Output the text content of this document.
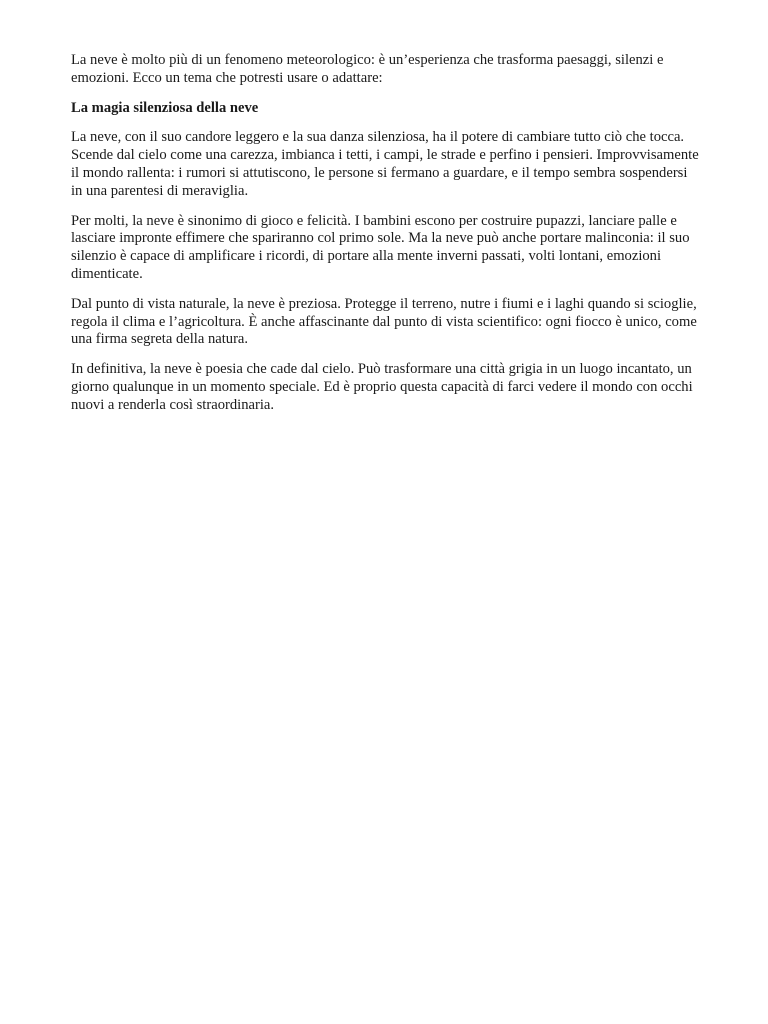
La neve è molto più di un fenomeno meteorologico: è un’esperienza che trasforma paesaggi, silenzi e emozioni. Ecco un tema che potresti usare o adattare:

La magia silenziosa della neve

La neve, con il suo candore leggero e la sua danza silenziosa, ha il potere di cambiare tutto ciò che tocca. Scende dal cielo come una carezza, imbianca i tetti, i campi, le strade e perfino i pensieri. Improvvisamente il mondo rallenta: i rumori si attutiscono, le persone si fermano a guardare, e il tempo sembra sospendersi in una parentesi di meraviglia.

Per molti, la neve è sinonimo di gioco e felicità. I bambini escono per costruire pupazzi, lanciare palle e lasciare impronte effimere che spariranno col primo sole. Ma la neve può anche portare malinconia: il suo silenzio è capace di amplificare i ricordi, di portare alla mente inverni passati, volti lontani, emozioni dimenticate.

Dal punto di vista naturale, la neve è preziosa. Protegge il terreno, nutre i fiumi e i laghi quando si scioglie, regola il clima e l’agricoltura. È anche affascinante dal punto di vista scientifico: ogni fiocco è unico, come una firma segreta della natura.

In definitiva, la neve è poesia che cade dal cielo. Può trasformare una città grigia in un luogo incantato, un giorno qualunque in un momento speciale. Ed è proprio questa capacità di farci vedere il mondo con occhi nuovi a renderla così straordinaria.
